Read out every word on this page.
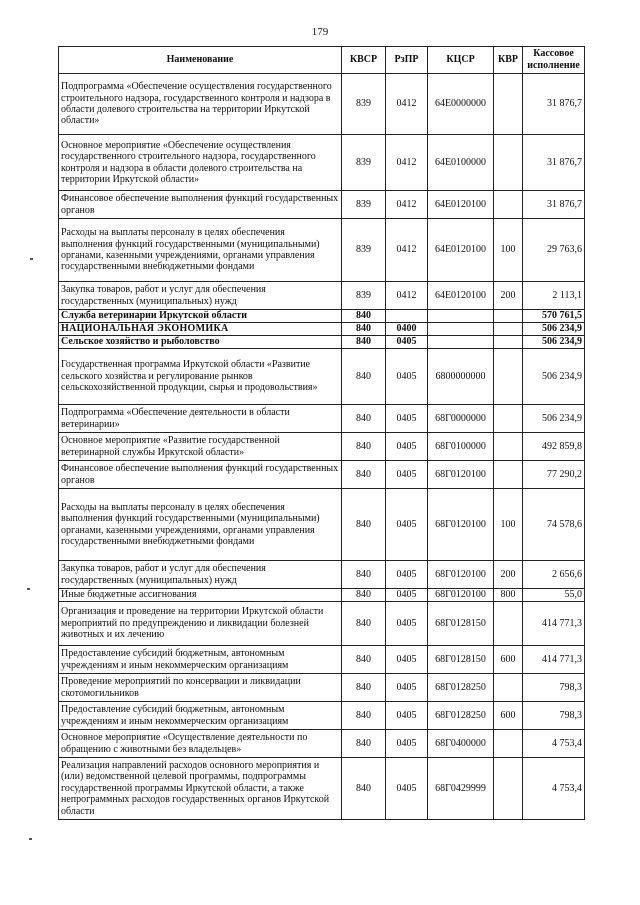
179
Наименование	КВСР	РзПР	КЦСР	КВР	Кассовое исполнение
Подпрограмма «Обеспечение осуществления государственного строительного надзора, государственного контроля и надзора в области долевого строительства на территории Иркутской области»	839	0412	64Е0000000		31 876,7
Основное мероприятие «Обеспечение осуществления государственного строительного надзора, государственного контроля и надзора в области долевого строительства на территории Иркутской области»	839	0412	64Е0100000		31 876,7
Финансовое обеспечение выполнения функций государственных органов	839	0412	64Е0120100		31 876,7
Расходы на выплаты персоналу в целях обеспечения выполнения функций государственными (муниципальными) органами, казенными учреждениями, органами управления государственными внебюджетными фондами	839	0412	64Е0120100	100	29 763,6
Закупка товаров, работ и услуг для обеспечения государственных (муниципальных) нужд	839	0412	64Е0120100	200	2 113,1
Служба ветеринарии Иркутской области	840				570 761,5
НАЦИОНАЛЬНАЯ ЭКОНОМИКА	840	0400			506 234,9
Сельское хозяйство и рыболовство	840	0405			506 234,9
Государственная программа Иркутской области «Развитие сельского хозяйства и регулирование рынков сельскохозяйственной продукции, сырья и продовольствия»	840	0405	6800000000		506 234,9
Подпрограмма «Обеспечение деятельности в области ветеринарии»	840	0405	68Г0000000		506 234,9
Основное мероприятие «Развитие государственной ветеринарной службы Иркутской области»	840	0405	68Г0100000		492 859,8
Финансовое обеспечение выполнения функций государственных органов	840	0405	68Г0120100		77 290,2
Расходы на выплаты персоналу в целях обеспечения выполнения функций государственными (муниципальными) органами, казенными учреждениями, органами управления государственными внебюджетными фондами	840	0405	68Г0120100	100	74 578,6
Закупка товаров, работ и услуг для обеспечения государственных (муниципальных) нужд	840	0405	68Г0120100	200	2 656,6
Иные бюджетные ассигнования	840	0405	68Г0120100	800	55,0
Организация и проведение на территории Иркутской области мероприятий по предупреждению и ликвидации болезней животных и их лечению	840	0405	68Г0128150		414 771,3
Предоставление субсидий бюджетным, автономным учреждениям и иным некоммерческим организациям	840	0405	68Г0128150	600	414 771,3
Проведение мероприятий по консервации и ликвидации скотомогильников	840	0405	68Г0128250		798,3
Предоставление субсидий бюджетным, автономным учреждениям и иным некоммерческим организациям	840	0405	68Г0128250	600	798,3
Основное мероприятие «Осуществление деятельности по обращению с животными без владельцев»	840	0405	68Г0400000		4 753,4
Реализация направлений расходов основного мероприятия и (или) ведомственной целевой программы, подпрограммы государственной программы Иркутской области, а также непрограммных расходов государственных органов Иркутской области	840	0405	68Г0429999		4 753,4
